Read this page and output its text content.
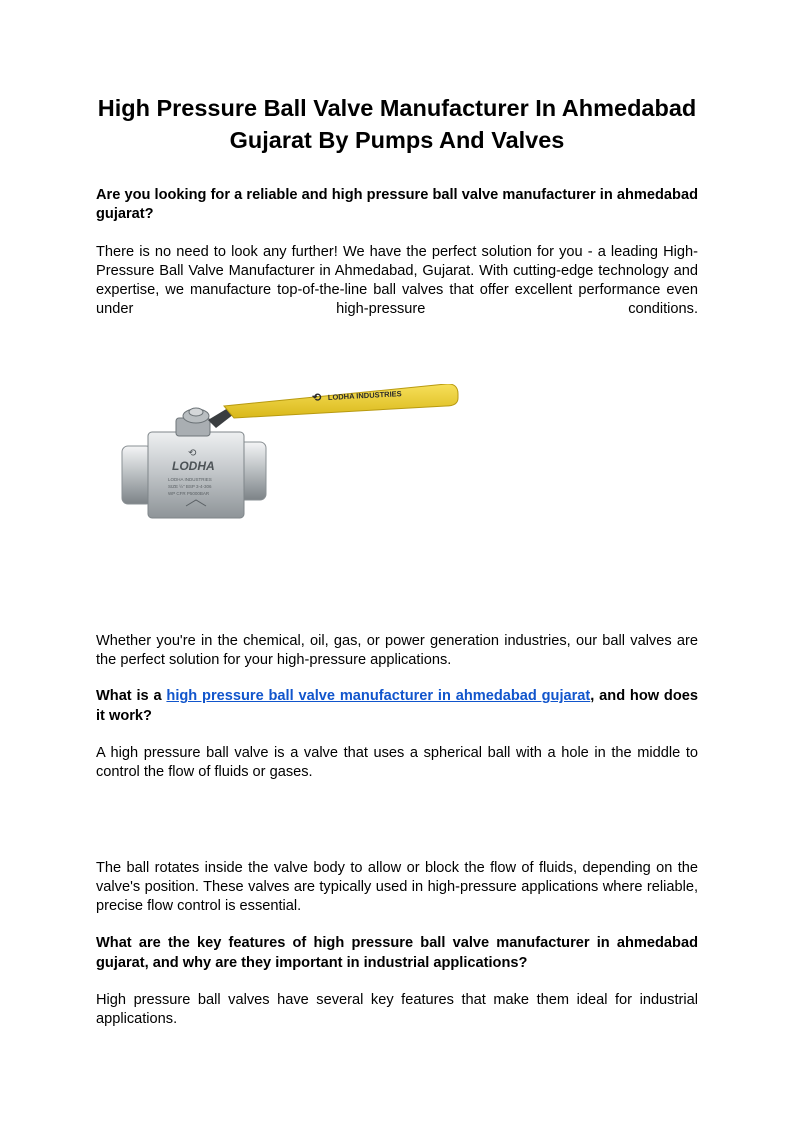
High Pressure Ball Valve Manufacturer In Ahmedabad Gujarat By Pumps And Valves

Are you looking for a reliable and high pressure ball valve manufacturer in ahmedabad gujarat?

There is no need to look any further! We have the perfect solution for you - a leading High-Pressure Ball Valve Manufacturer in Ahmedabad, Gujarat. With cutting-edge technology and expertise, we manufacture top-of-the-line ball valves that offer excellent performance even under high-pressure conditions.

⟲ LODHA INDUSTRIES
⟲
LODHA
LODHA INDUSTRIES
SIZE ½" BSP 3-4-306
WP CFR P5000BAR

Whether you're in the chemical, oil, gas, or power generation industries, our ball valves are the perfect solution for your high-pressure applications.

What is a high pressure ball valve manufacturer in ahmedabad gujarat, and how does it work?

A high pressure ball valve is a valve that uses a spherical ball with a hole in the middle to control the flow of fluids or gases.

The ball rotates inside the valve body to allow or block the flow of fluids, depending on the valve's position. These valves are typically used in high-pressure applications where reliable, precise flow control is essential.

What are the key features of high pressure ball valve manufacturer in ahmedabad gujarat, and why are they important in industrial applications?

High pressure ball valves have several key features that make them ideal for industrial applications.
